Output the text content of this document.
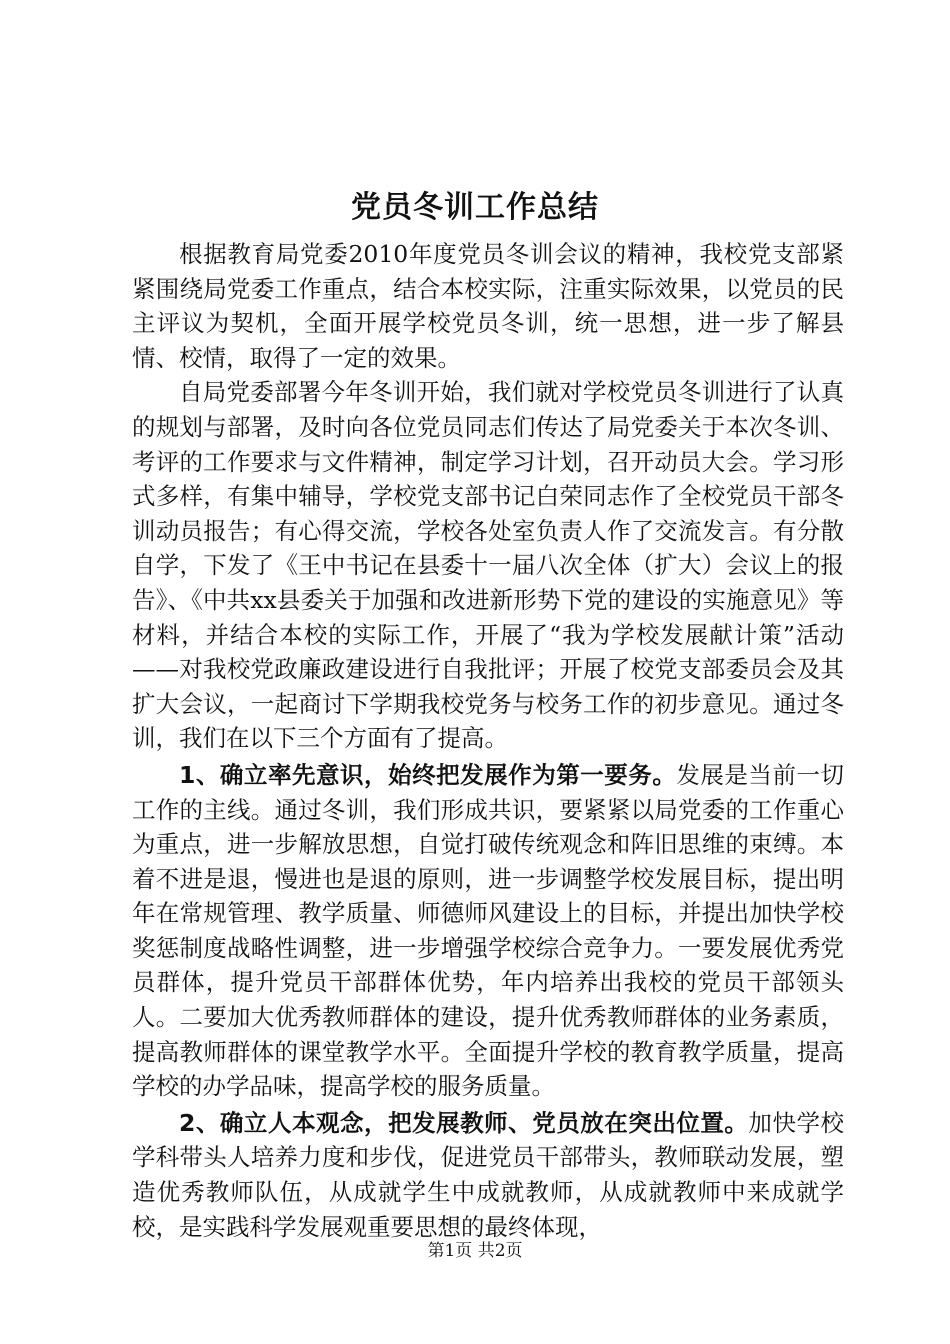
党员冬训工作总结

根据教育局党委2010年度党员冬训会议的精神，我校党支部紧紧围绕局党委工作重点，结合本校实际，注重实际效果，以党员的民主评议为契机，全面开展学校党员冬训，统一思想，进一步了解县情、校情，取得了一定的效果。

自局党委部署今年冬训开始，我们就对学校党员冬训进行了认真的规划与部署，及时向各位党员同志们传达了局党委关于本次冬训、考评的工作要求与文件精神，制定学习计划，召开动员大会。学习形式多样，有集中辅导，学校党支部书记白荣同志作了全校党员干部冬训动员报告；有心得交流，学校各处室负责人作了交流发言。有分散自学，下发了《王中书记在县委十一届八次全体（扩大）会议上的报告》、《中共xx县委关于加强和改进新形势下党的建设的实施意见》等材料，并结合本校的实际工作，开展了“我为学校发展献计策”活动——对我校党政廉政建设进行自我批评；开展了校党支部委员会及其扩大会议，一起商讨下学期我校党务与校务工作的初步意见。通过冬训，我们在以下三个方面有了提高。

1、确立率先意识，始终把发展作为第一要务。发展是当前一切工作的主线。通过冬训，我们形成共识，要紧紧以局党委的工作重心为重点，进一步解放思想，自觉打破传统观念和阵旧思维的束缚。本着不进是退，慢进也是退的原则，进一步调整学校发展目标，提出明年在常规管理、教学质量、师德师风建设上的目标，并提出加快学校奖惩制度战略性调整，进一步增强学校综合竞争力。一要发展优秀党员群体，提升党员干部群体优势，年内培养出我校的党员干部领头人。二要加大优秀教师群体的建设，提升优秀教师群体的业务素质，提高教师群体的课堂教学水平。全面提升学校的教育教学质量，提高学校的办学品味，提高学校的服务质量。

2、确立人本观念，把发展教师、党员放在突出位置。加快学校学科带头人培养力度和步伐，促进党员干部带头，教师联动发展，塑造优秀教师队伍，从成就学生中成就教师，从成就教师中来成就学校，是实践科学发展观重要思想的最终体现，

第1页 共2页
